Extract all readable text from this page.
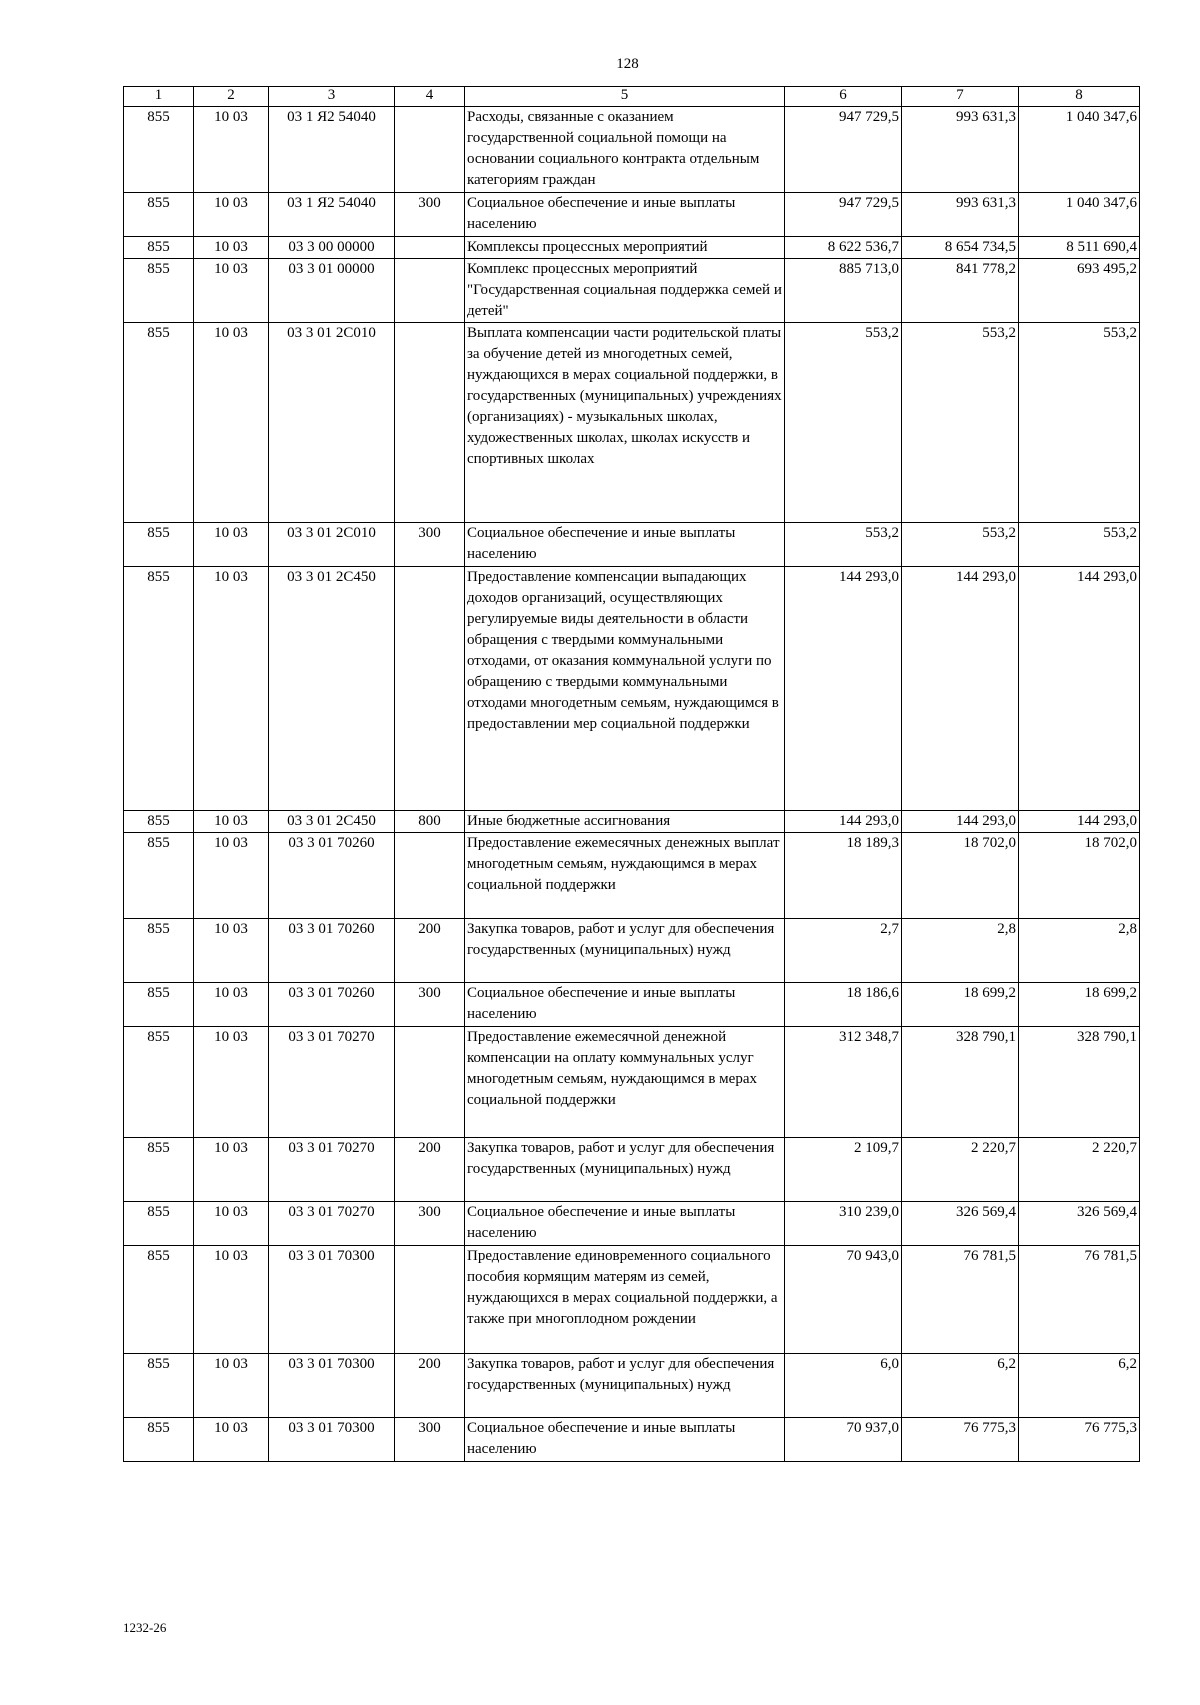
128
1	2	3	4	5	6	7	8
855	10 03	03 1 Я2 54040		Расходы, связанные с оказанием государственной социальной помощи на основании социального контракта отдельным категориям граждан	947 729,5	993 631,3	1 040 347,6
855	10 03	03 1 Я2 54040	300	Социальное обеспечение и иные выплаты населению	947 729,5	993 631,3	1 040 347,6
855	10 03	03 3 00 00000		Комплексы процессных мероприятий	8 622 536,7	8 654 734,5	8 511 690,4
855	10 03	03 3 01 00000		Комплекс процессных мероприятий "Государственная социальная поддержка семей и детей"	885 713,0	841 778,2	693 495,2
855	10 03	03 3 01 2С010		Выплата компенсации части родительской платы за обучение детей из многодетных семей, нуждающихся в мерах социальной поддержки, в государственных (муниципальных) учреждениях (организациях) - музыкальных школах, художественных школах, школах искусств и спортивных школах	553,2	553,2	553,2
855	10 03	03 3 01 2С010	300	Социальное обеспечение и иные выплаты населению	553,2	553,2	553,2
855	10 03	03 3 01 2С450		Предоставление компенсации выпадающих доходов организаций, осуществляющих регулируемые виды деятельности в области обращения с твердыми коммунальными отходами, от оказания коммунальной услуги по обращению с твердыми коммунальными отходами многодетным семьям, нуждающимся в предоставлении мер социальной поддержки	144 293,0	144 293,0	144 293,0
855	10 03	03 3 01 2С450	800	Иные бюджетные ассигнования	144 293,0	144 293,0	144 293,0
855	10 03	03 3 01 70260		Предоставление ежемесячных денежных выплат многодетным семьям, нуждающимся в мерах социальной поддержки	18 189,3	18 702,0	18 702,0
855	10 03	03 3 01 70260	200	Закупка товаров, работ и услуг для обеспечения государственных (муниципальных) нужд	2,7	2,8	2,8
855	10 03	03 3 01 70260	300	Социальное обеспечение и иные выплаты населению	18 186,6	18 699,2	18 699,2
855	10 03	03 3 01 70270		Предоставление ежемесячной денежной компенсации на оплату коммунальных услуг многодетным семьям, нуждающимся в мерах социальной поддержки	312 348,7	328 790,1	328 790,1
855	10 03	03 3 01 70270	200	Закупка товаров, работ и услуг для обеспечения государственных (муниципальных) нужд	2 109,7	2 220,7	2 220,7
855	10 03	03 3 01 70270	300	Социальное обеспечение и иные выплаты населению	310 239,0	326 569,4	326 569,4
855	10 03	03 3 01 70300		Предоставление единовременного социального пособия кормящим матерям из семей, нуждающихся в мерах социальной поддержки, а также при многоплодном рождении	70 943,0	76 781,5	76 781,5
855	10 03	03 3 01 70300	200	Закупка товаров, работ и услуг для обеспечения государственных (муниципальных) нужд	6,0	6,2	6,2
855	10 03	03 3 01 70300	300	Социальное обеспечение и иные выплаты населению	70 937,0	76 775,3	76 775,3
1232-26
